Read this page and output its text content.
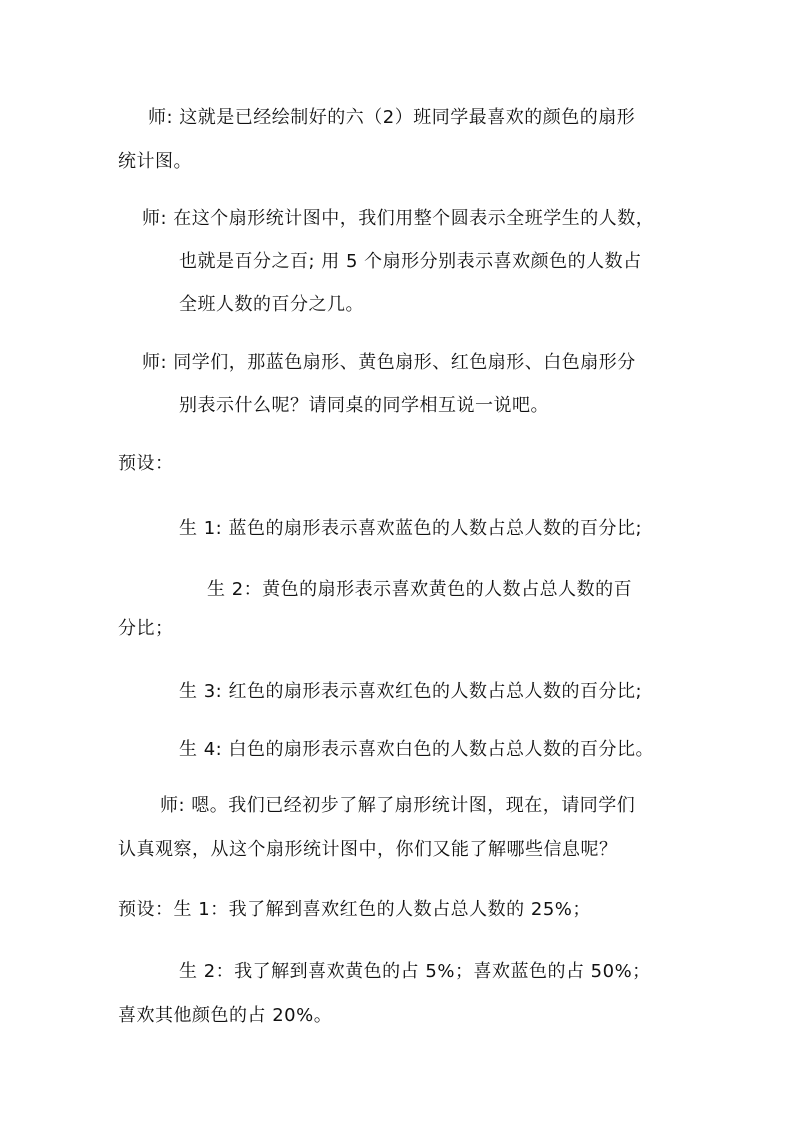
师: 这就是已经绘制好的六（2）班同学最喜欢的颜色的扇形
统计图。
师: 在这个扇形统计图中，我们用整个圆表示全班学生的人数，
也就是百分之百; 用 5 个扇形分别表示喜欢颜色的人数占
全班人数的百分之几。
师: 同学们，那蓝色扇形、黄色扇形、红色扇形、白色扇形分
别表示什么呢？请同桌的同学相互说一说吧。
预设：
生 1: 蓝色的扇形表示喜欢蓝色的人数占总人数的百分比;
生 2：黄色的扇形表示喜欢黄色的人数占总人数的百
分比；
生 3: 红色的扇形表示喜欢红色的人数占总人数的百分比;
生 4: 白色的扇形表示喜欢白色的人数占总人数的百分比。
师: 嗯。我们已经初步了解了扇形统计图，现在，请同学们
认真观察，从这个扇形统计图中，你们又能了解哪些信息呢？
预设：生 1：我了解到喜欢红色的人数占总人数的 25%；
生 2：我了解到喜欢黄色的占 5%；喜欢蓝色的占 50%；
喜欢其他颜色的占 20%。
